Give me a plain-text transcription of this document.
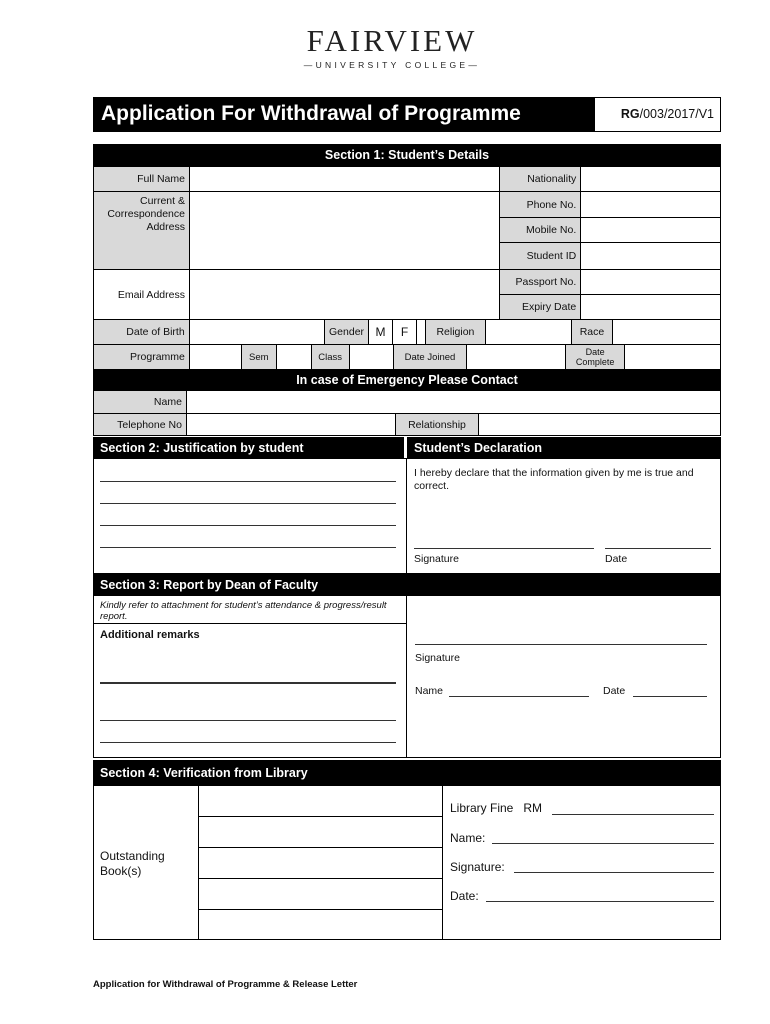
FAIRVIEW
—UNIVERSITY COLLEGE—
Application For Withdrawal of Programme	RG/003/2017/V1
Section 1: Student’s Details
Full Name		Nationality	
Current & Correspondence Address		Phone No.	
		Mobile No.	
		Student ID	
Email Address		Passport No.	
		Expiry Date	
Date of Birth		Gender	M	F		Religion		Race	
Programme		Sem		Class		Date Joined		Date Complete	
In case of Emergency Please Contact
Name			
Telephone No		Relationship	
Section 2: Justification by student	Student’s Declaration
I hereby declare that the information given by me is true and correct.
Signature	Date
Section 3: Report by Dean of Faculty
Kindly refer to attachment for student’s attendance & progress/result report.
Additional remarks
Signature
Name	Date
Section 4: Verification from Library
Outstanding Book(s)
Library Fine RM
Name:
Signature:
Date:
Application for Withdrawal of Programme & Release Letter
